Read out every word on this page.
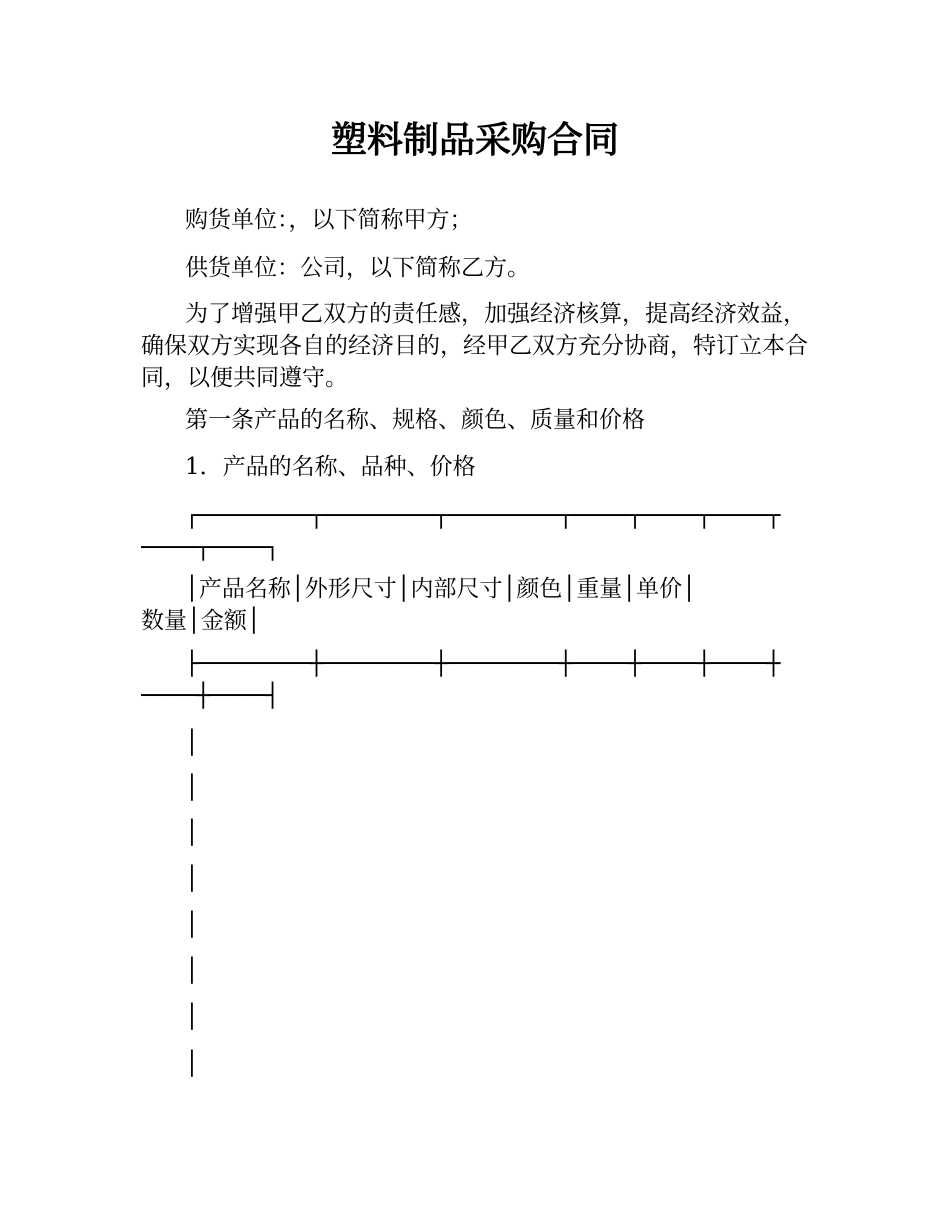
塑料制品采购合同

购货单位：，以下简称甲方；

供货单位：公司，以下简称乙方。

为了增强甲乙双方的责任感，加强经济核算，提高经济效益，确保双方实现各自的经济目的，经甲乙双方充分协商，特订立本合同，以便共同遵守。

第一条产品的名称、规格、颜色、质量和价格

1．产品的名称、品种、价格

┌────────┬────────┬────────┬────┬────┬────┬
────┬────┐
│产品名称│外形尺寸│内部尺寸│颜色│重量│单价│
数量│金额│
├────────┼────────┼────────┼────┼────┼────┼
────┼────┤
│
│
│
│
│
│
│
│
